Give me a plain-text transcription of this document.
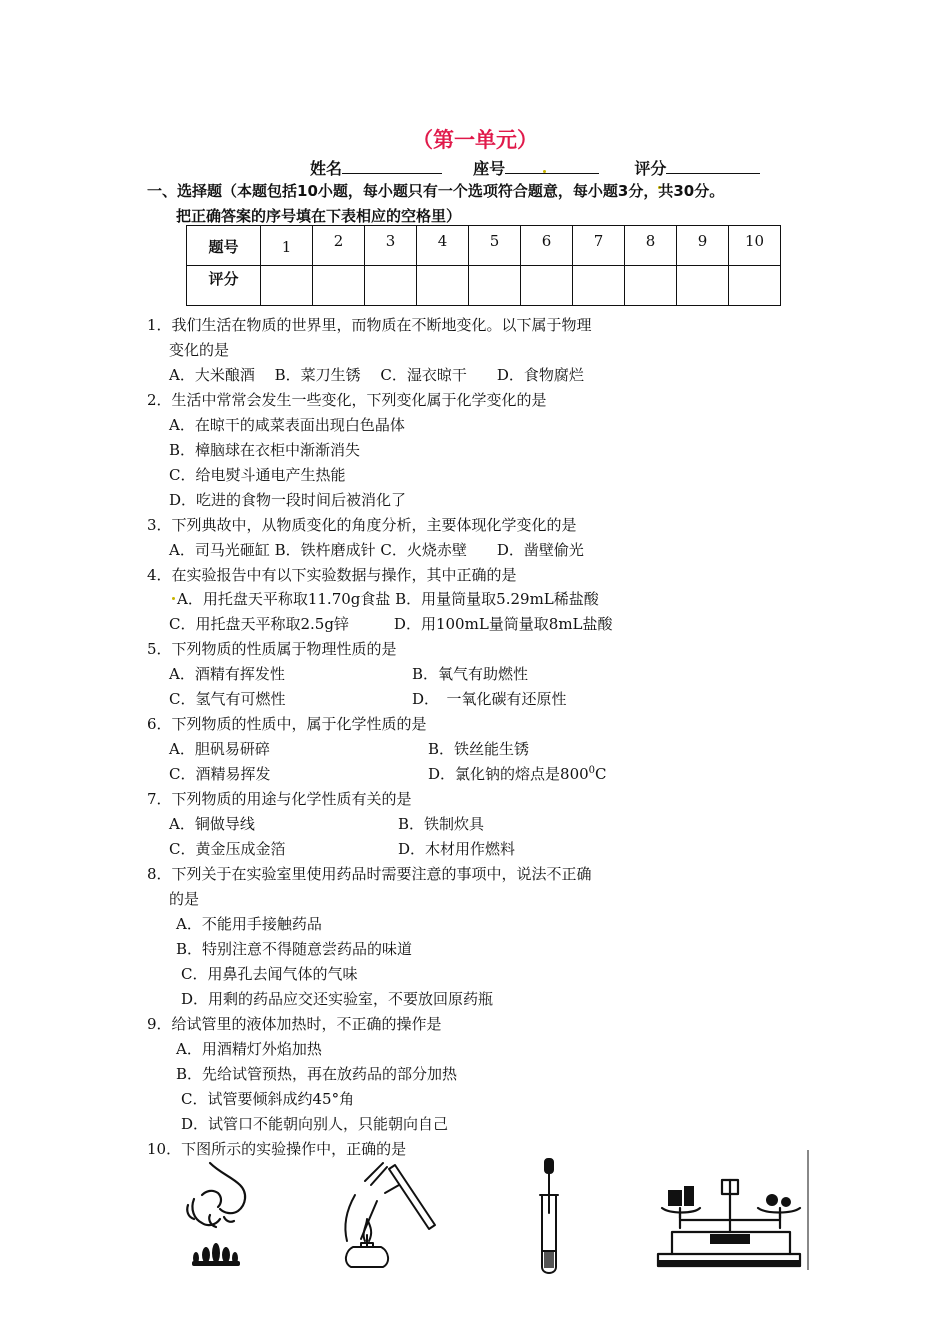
（第一单元）
姓名	座号	评分
一、选择题（本题包括10小题，每小题只有一个选项符合题意，每小题3分，共30分。
把正确答案的序号填在下表相应的空格里）
题号	1	2	3	4	5	6	7	8	9	10
评分										
1．我们生活在物质的世界里，而物质在不断地变化。以下属于物理
变化的是
A．大米酿酒　 B．菜刀生锈　 C．湿衣晾干　　D．食物腐烂
2．生活中常常会发生一些变化，下列变化属于化学变化的是
A．在晾干的咸菜表面出现白色晶体
B．樟脑球在衣柜中渐渐消失
C．给电熨斗通电产生热能
D．吃进的食物一段时间后被消化了
3．下列典故中，从物质变化的角度分析，主要体现化学变化的是
A．司马光砸缸 B．铁杵磨成针 C．火烧赤壁　　D．凿壁偷光
4．在实验报告中有以下实验数据与操作，其中正确的是
A．用托盘天平称取11.70g食盐 B．用量筒量取5.29mL稀盐酸
C．用托盘天平称取2.5g锌　　　D．用100mL量筒量取8mL盐酸
5．下列物质的性质属于物理性质的是
A．酒精有挥发性	B．氧气有助燃性
C．氢气有可燃性	D．　一氧化碳有还原性
6．下列物质的性质中，属于化学性质的是
A．胆矾易研碎	B．铁丝能生锈
C．酒精易挥发	D．氯化钠的熔点是$800^0C$
7．下列物质的用途与化学性质有关的是
A．铜做导线	B．铁制炊具
C．黄金压成金箔	D．木材用作燃料
8．下列关于在实验室里使用药品时需要注意的事项中，说法不正确
的是
A．不能用手接触药品
B．特别注意不得随意尝药品的味道
C．用鼻孔去闻气体的气味
D．用剩的药品应交还实验室，不要放回原药瓶
9．给试管里的液体加热时，不正确的操作是
A．用酒精灯外焰加热
B．先给试管预热，再在放药品的部分加热
C．试管要倾斜成约45°角
D．试管口不能朝向别人，只能朝向自己
10．下图所示的实验操作中，正确的是
